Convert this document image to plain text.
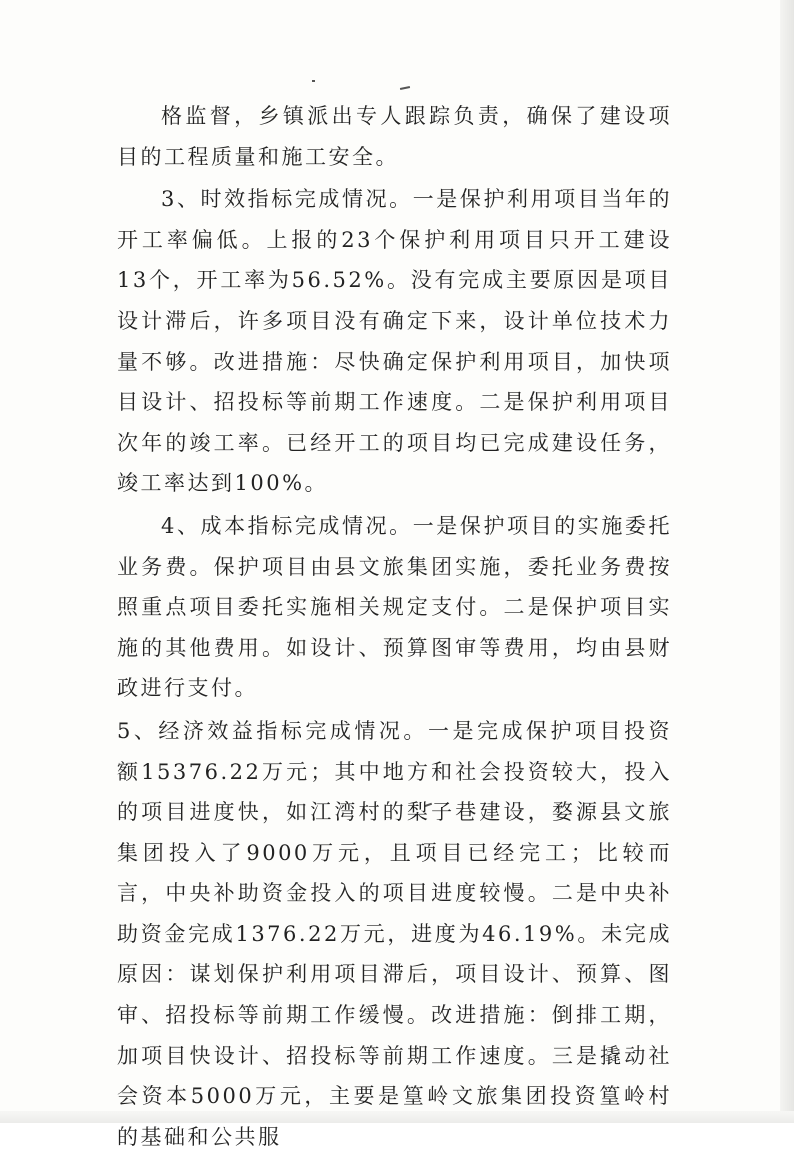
格监督，乡镇派出专人跟踪负责，确保了建设项目的工程质量和施工安全。

3、时效指标完成情况。一是保护利用项目当年的开工率偏低。上报的23个保护利用项目只开工建设13个，开工率为56.52%。没有完成主要原因是项目设计滞后，许多项目没有确定下来，设计单位技术力量不够。改进措施：尽快确定保护利用项目，加快项目设计、招投标等前期工作速度。二是保护利用项目次年的竣工率。已经开工的项目均已完成建设任务，竣工率达到100%。

4、成本指标完成情况。一是保护项目的实施委托业务费。保护项目由县文旅集团实施，委托业务费按照重点项目委托实施相关规定支付。二是保护项目实施的其他费用。如设计、预算图审等费用，均由县财政进行支付。

5、经济效益指标完成情况。一是完成保护项目投资额15376.22万元；其中地方和社会投资较大，投入的项目进度快，如江湾村的梨子巷建设，婺源县文旅集团投入了9000万元，且项目已经完工；比较而言，中央补助资金投入的项目进度较慢。二是中央补助资金完成1376.22万元，进度为46.19%。未完成原因：谋划保护利用项目滞后，项目设计、预算、图审、招投标等前期工作缓慢。改进措施：倒排工期，加项目快设计、招投标等前期工作速度。三是撬动社会资本5000万元，主要是篁岭文旅集团投资篁岭村的基础和公共服
